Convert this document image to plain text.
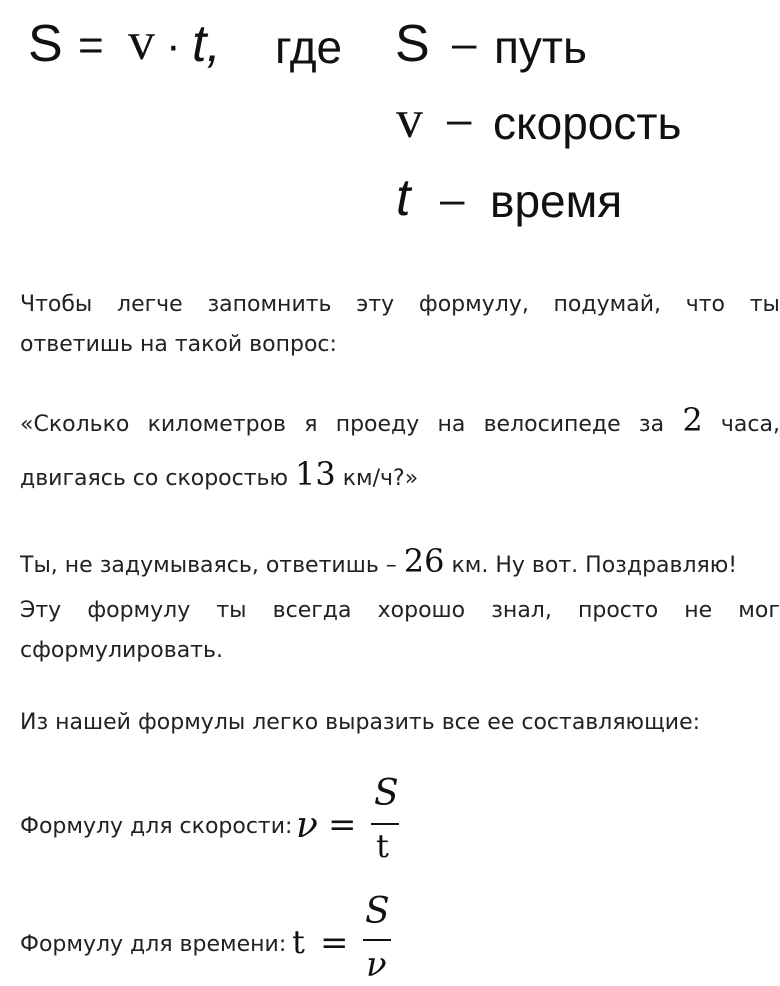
S = v · t, где S – путь
v – скорость
t – время
Чтобы легче запомнить эту формулу, подумай, что ты
ответишь на такой вопрос:
«Сколько километров я проеду на велосипеде за 2 часа,
двигаясь со скоростью 13 км/ч?»
Ты, не задумываясь, ответишь – 26 км. Ну вот. Поздравляю!
Эту формулу ты всегда хорошо знал, просто не мог
сформулировать.
Из нашей формулы легко выразить все ее составляющие:
Формулу для скорости: ν =
S
t
Формулу для времени: t =
S
ν
